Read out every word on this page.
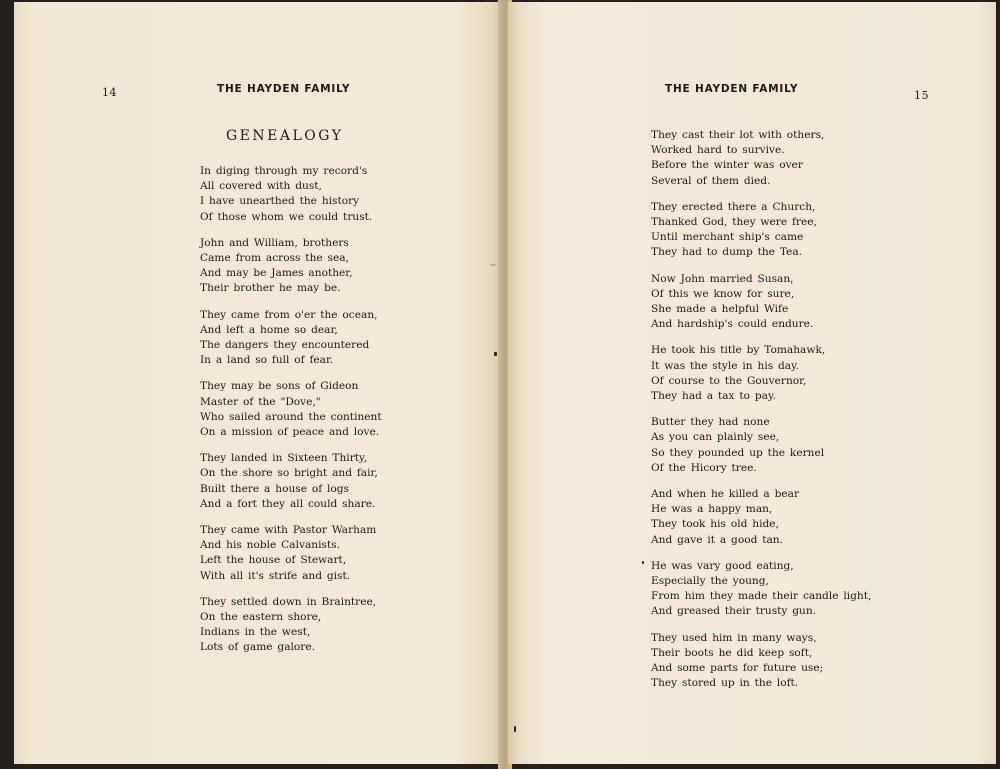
14	THE HAYDEN FAMILY
GENEALOGY
In diging through my record's
All covered with dust,
I have unearthed the history
Of those whom we could trust.
John and William, brothers
Came from across the sea,
And may be James another,
Their brother he may be.
They came from o'er the ocean,
And left a home so dear,
The dangers they encountered
In a land so full of fear.
They may be sons of Gideon
Master of the "Dove,"
Who sailed around the continent
On a mission of peace and love.
They landed in Sixteen Thirty,
On the shore so bright and fair,
Built there a house of logs
And a fort they all could share.
They came with Pastor Warham
And his noble Calvanists.
Left the house of Stewart,
With all it's strife and gist.
They settled down in Braintree,
On the eastern shore,
Indians in the west,
Lots of game galore.
THE HAYDEN FAMILY	15
They cast their lot with others,
Worked hard to survive.
Before the winter was over
Several of them died.
They erected there a Church,
Thanked God, they were free,
Until merchant ship's came
They had to dump the Tea.
Now John married Susan,
Of this we know for sure,
She made a helpful Wife
And hardship's could endure.
He took his title by Tomahawk,
It was the style in his day.
Of course to the Gouvernor,
They had a tax to pay.
Butter they had none
As you can plainly see,
So they pounded up the kernel
Of the Hicory tree.
And when he killed a bear
He was a happy man,
They took his old hide,
And gave it a good tan.
He was vary good eating,
Especially the young,
From him they made their candle light,
And greased their trusty gun.
They used him in many ways,
Their boots he did keep soft,
And some parts for future use;
They stored up in the loft.
